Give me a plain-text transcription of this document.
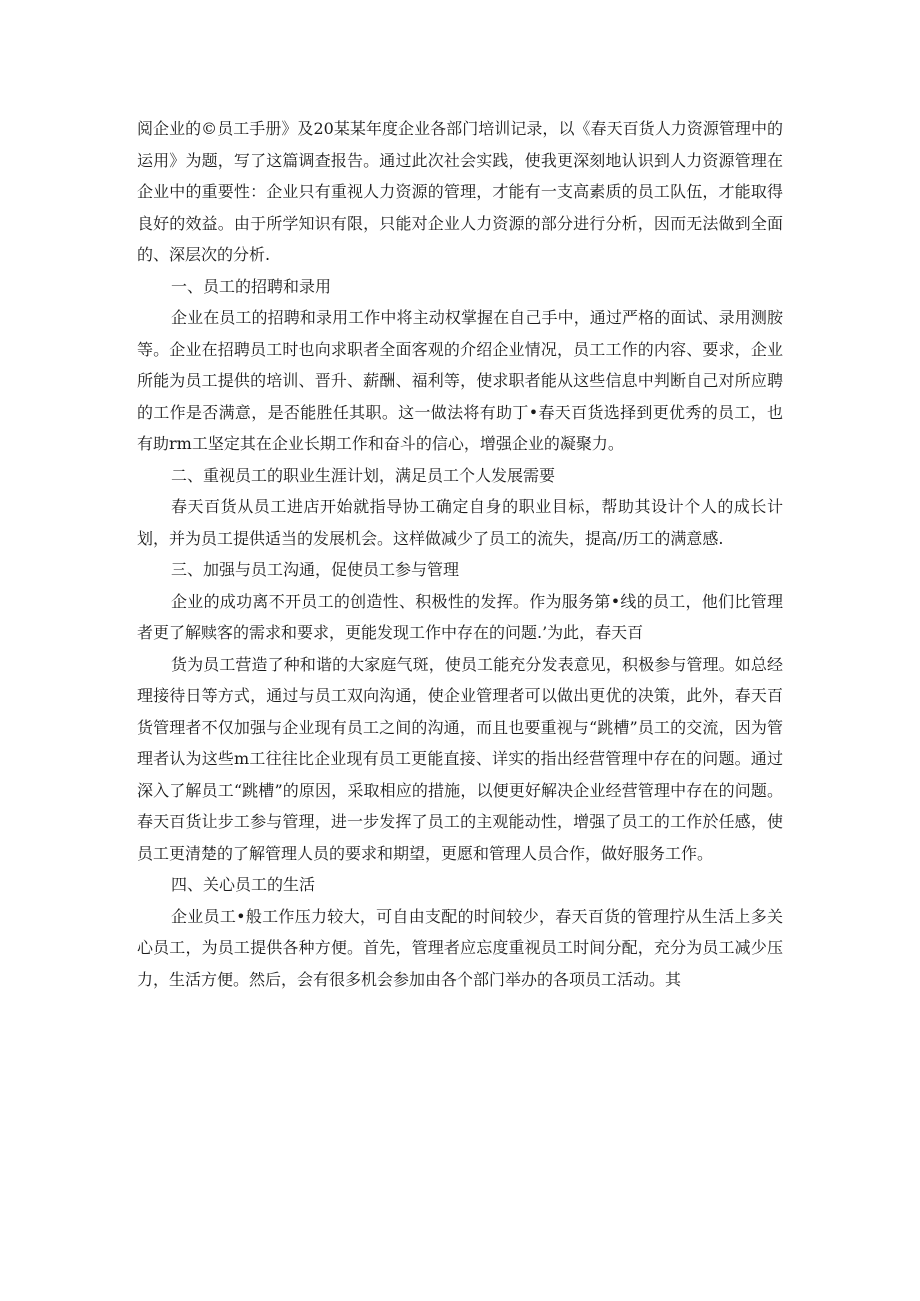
阅企业的©员工手册》及20某某年度企业各部门培训记录，以《春天百货人力资源管理中的运用》为题，写了这篇调查报告。通过此次社会实践，使我更深刻地认识到人力资源管理在企业中的重要性：企业只有重视人力资源的管理，才能有一支高素质的员工队伍，才能取得良好的效益。由于所学知识有限，只能对企业人力资源的部分进行分析，因而无法做到全面的、深层次的分析.

一、员工的招聘和录用

企业在员工的招聘和录用工作中将主动权掌握在自己手中，通过严格的面试、录用测胺等。企业在招聘员工时也向求职者全面客观的介绍企业情况，员工工作的内容、要求，企业所能为员工提供的培训、晋升、薪酬、福利等，使求职者能从这些信息中判断自己对所应聘的工作是否满意，是否能胜任其职。这一做法将有助丁•春天百货选择到更优秀的员工，也有助rm工坚定其在企业长期工作和奋斗的信心，增强企业的凝聚力。

二、重视员工的职业生涯计划，满足员工个人发展需要

春天百货从员工进店开始就指导协工确定自身的职业目标，帮助其设计个人的成长计划，并为员工提供适当的发展机会。这样做减少了员工的流失，提高/历工的满意感.

三、加强与员工沟通，促使员工参与管理

企业的成功离不开员工的创造性、积极性的发挥。作为服务第•线的员工，他们比管理者更了解赎客的需求和要求，更能发现工作中存在的问题.’为此，春天百

货为员工营造了种和谐的大家庭气斑，使员工能充分发表意见，积极参与管理。如总经理接待日等方式，通过与员工双向沟通，使企业管理者可以做出更优的决策，此外，春天百货管理者不仅加强与企业现有员工之间的沟通，而且也要重视与“跳槽”员工的交流，因为管理者认为这些m工往往比企业现有员工更能直接、详实的指出经营管理中存在的问题。通过深入了解员工“跳槽”的原因，采取相应的措施，以便更好解决企业经营管理中存在的问题。春天百货让步工参与管理，进一步发挥了员工的主观能动性，增强了员工的工作於任感，使员工更清楚的了解管理人员的要求和期望，更愿和管理人员合作，做好服务工作。

四、关心员工的生活

企业员工•般工作压力较大，可自由支配的时间较少，春天百货的管理拧从生活上多关心员工，为员工提供各种方便。首先，管理者应忘度重视员工时间分配，充分为员工减少压力，生活方便。然后，会有很多机会参加由各个部门举办的各项员工活动。其
